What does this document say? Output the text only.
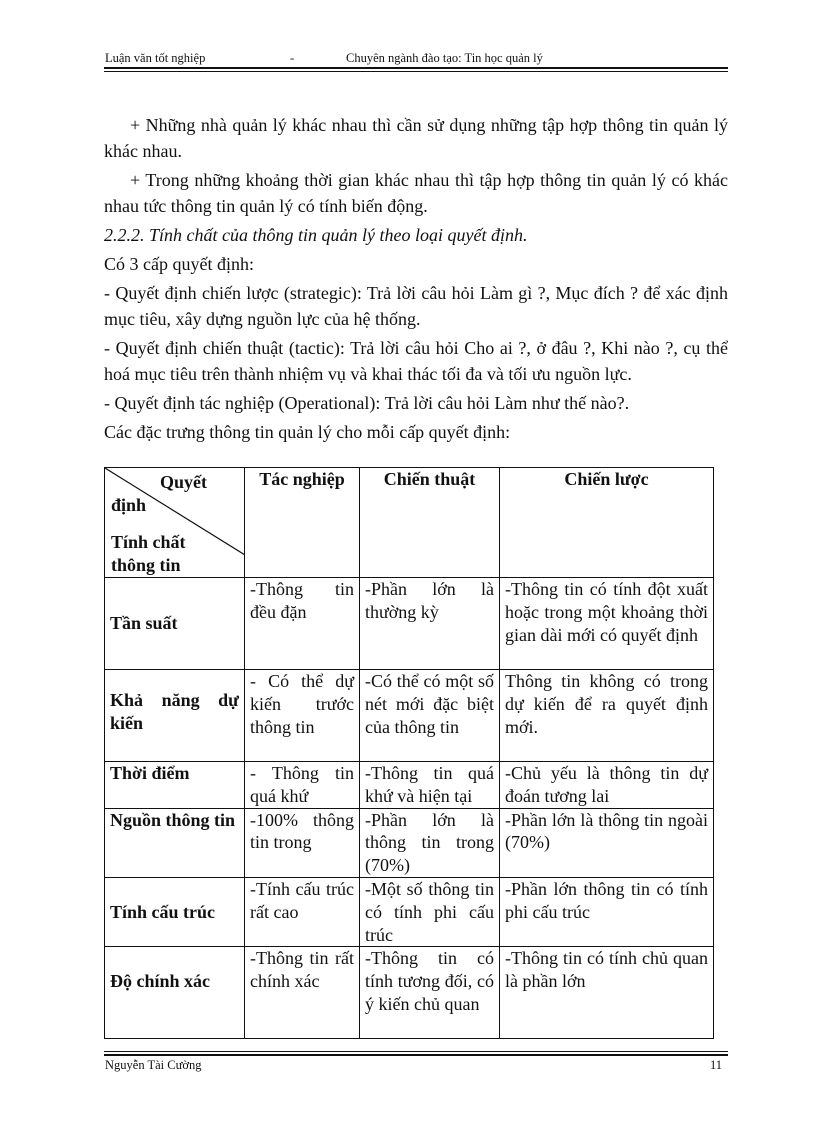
Luận văn tốt nghiệp	-	Chuyên ngành đào tạo: Tin học quản lý

+ Những nhà quản lý khác nhau thì cần sử dụng những tập hợp thông tin quản lý khác nhau.

+ Trong những khoảng thời gian khác nhau thì tập hợp thông tin quản lý có khác nhau tức thông tin quản lý có tính biến động.

2.2.2. Tính chất của thông tin quản lý theo loại quyết định.

Có 3 cấp quyết định:

- Quyết định chiến lược (strategic): Trả lời câu hỏi Làm gì ?, Mục đích ? để xác định mục tiêu, xây dựng nguồn lực của hệ thống.

- Quyết định chiến thuật (tactic): Trả lời câu hỏi Cho ai ?, ở đâu ?, Khi nào ?, cụ thể hoá mục tiêu trên thành nhiệm vụ và khai thác tối đa và tối ưu nguồn lực.

- Quyết định tác nghiệp (Operational): Trả lời câu hỏi Làm như thế nào?.

Các đặc trưng thông tin quản lý cho mỗi cấp quyết định:

Quyết
định
Tính chất
thông tin	Tác nghiệp	Chiến thuật	Chiến lược
Tần suất	-Thông tin đều đặn	-Phần lớn là thường kỳ	-Thông tin có tính đột xuất hoặc trong một khoảng thời gian dài mới có quyết định
Khả năng dự kiến	- Có thể dự kiến trước thông tin	-Có thể có một số nét mới đặc biệt của thông tin	Thông tin không có trong dự kiến để ra quyết định mới.
Thời điểm	- Thông tin quá khứ	-Thông tin quá khứ và hiện tại	-Chủ yếu là thông tin dự đoán tương lai
Nguồn thông tin	-100% thông tin trong	-Phần lớn là thông tin trong (70%)	-Phần lớn là thông tin ngoài (70%)
Tính cấu trúc	-Tính cấu trúc rất cao	-Một số thông tin có tính phi cấu trúc	-Phần lớn thông tin có tính phi cấu trúc
Độ chính xác	-Thông tin rất chính xác	-Thông tin có tính tương đối, có ý kiến chủ quan	-Thông tin có tính chủ quan là phần lớn
Nguyễn Tài Cường	11
